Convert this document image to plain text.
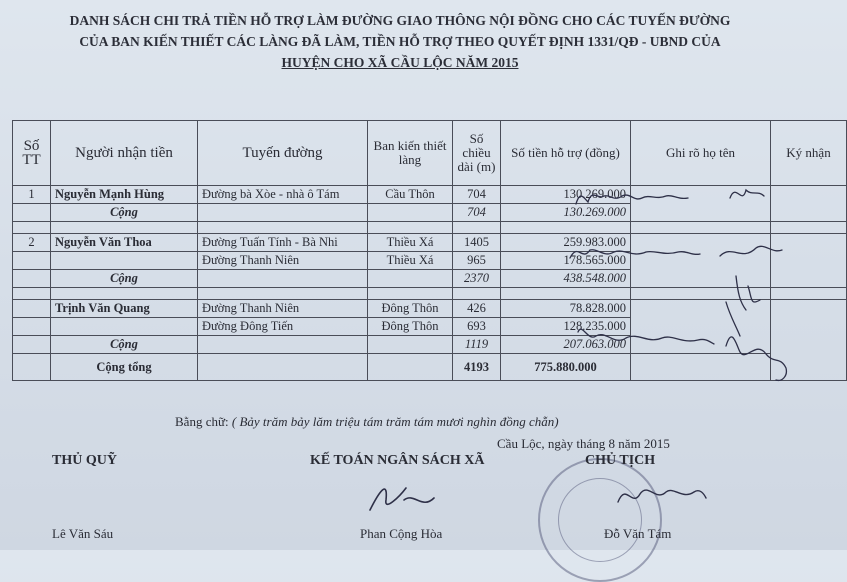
DANH SÁCH CHI TRẢ TIỀN HỖ TRỢ LÀM ĐƯỜNG GIAO THÔNG NỘI ĐỒNG CHO CÁC TUYẾN ĐƯỜNG
CỦA BAN KIẾN THIẾT CÁC LÀNG ĐÃ LÀM, TIỀN HỖ TRỢ THEO QUYẾT ĐỊNH 1331/QĐ - UBND CỦA
HUYỆN CHO XÃ CẦU LỘC NĂM 2015
Số TT	Người nhận tiền	Tuyến đường	Ban kiến thiết làng	Số chiều dài (m)	Số tiền hỗ trợ (đồng)	Ghi rõ họ tên	Ký nhận
1	Nguyễn Mạnh Hùng	Đường bà Xòe - nhà ô Tám	Cầu Thôn	704	130.269.000		
	Cộng			704	130.269.000		

2	Nguyễn Văn Thoa	Đường Tuấn Tính - Bà Nhi	Thiều Xá	1405	259.983.000		
		Đường Thanh Niên	Thiều Xá	965	178.565.000		
	Cộng			2370	438.548.000		

	Trịnh Văn Quang	Đường Thanh Niên	Đông Thôn	426	78.828.000		
		Đường Đông Tiến	Đông Thôn	693	128.235.000		
	Cộng			1119	207.063.000		
	Cộng tổng			4193	775.880.000		
Bằng chữ: ( Bảy trăm bảy lăm triệu tám trăm tám mươi nghìn đồng chẵn)
Cầu Lộc, ngày tháng 8 năm 2015
THỦ QUỸ
Lê Văn Sáu
KẾ TOÁN NGÂN SÁCH XÃ
Phan Cộng Hòa
CHỦ TỊCH
Đỗ Văn Tám
